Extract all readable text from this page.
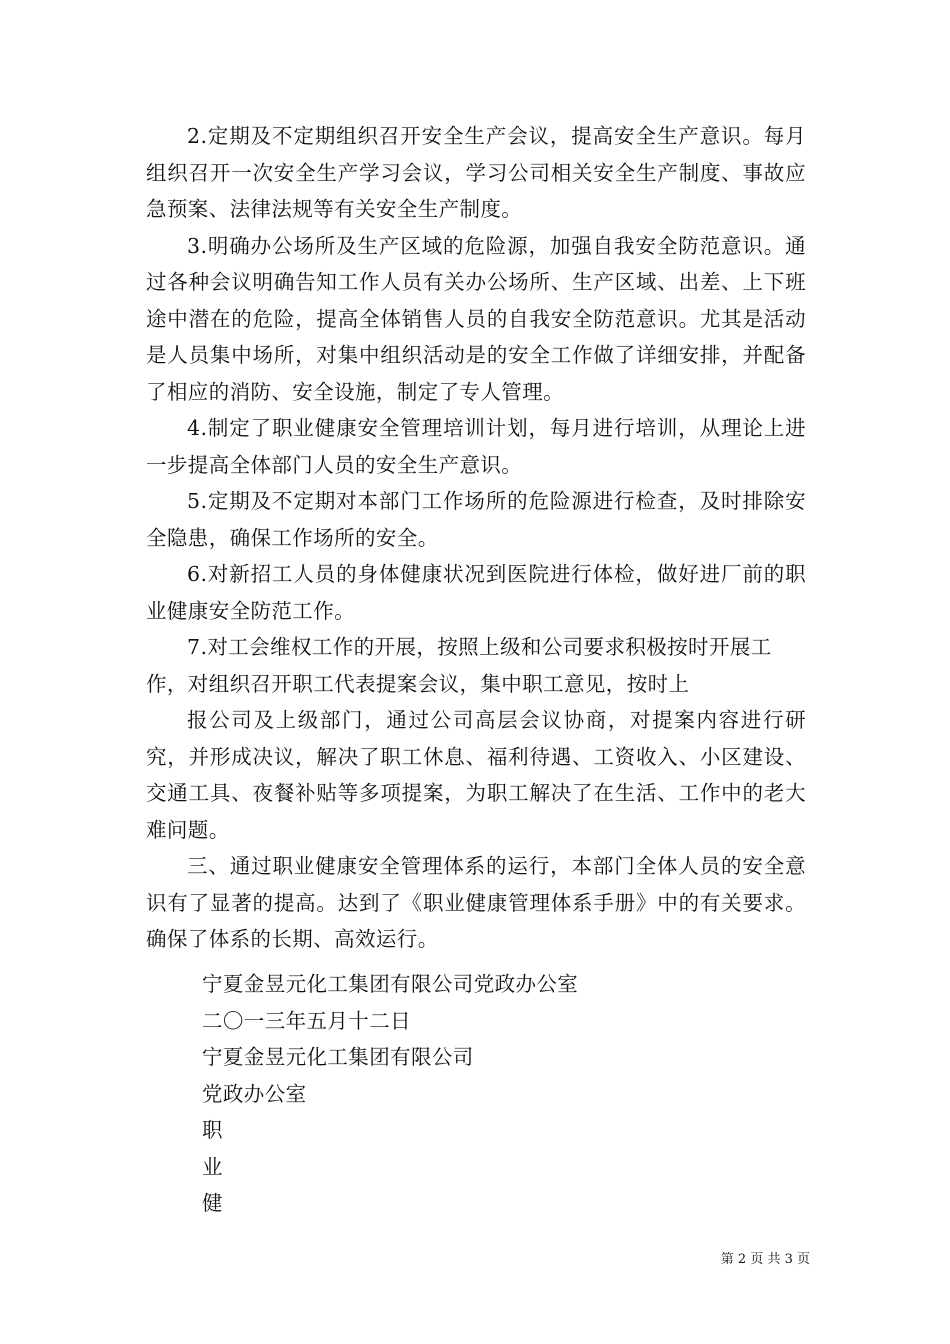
2.定期及不定期组织召开安全生产会议，提高安全生产意识。每月组织召开一次安全生产学习会议，学习公司相关安全生产制度、事故应急预案、法律法规等有关安全生产制度。

3.明确办公场所及生产区域的危险源，加强自我安全防范意识。通过各种会议明确告知工作人员有关办公场所、生产区域、出差、上下班途中潜在的危险，提高全体销售人员的自我安全防范意识。尤其是活动是人员集中场所，对集中组织活动是的安全工作做了详细安排，并配备了相应的消防、安全设施，制定了专人管理。

4.制定了职业健康安全管理培训计划，每月进行培训，从理论上进一步提高全体部门人员的安全生产意识。

5.定期及不定期对本部门工作场所的危险源进行检查，及时排除安全隐患，确保工作场所的安全。

6.对新招工人员的身体健康状况到医院进行体检，做好进厂前的职业健康安全防范工作。

7.对工会维权工作的开展，按照上级和公司要求积极按时开展工作，对组织召开职工代表提案会议，集中职工意见，按时上

报公司及上级部门，通过公司高层会议协商，对提案内容进行研究，并形成决议，解决了职工休息、福利待遇、工资收入、小区建设、交通工具、夜餐补贴等多项提案，为职工解决了在生活、工作中的老大难问题。

三、通过职业健康安全管理体系的运行，本部门全体人员的安全意识有了显著的提高。达到了《职业健康管理体系手册》中的有关要求。确保了体系的长期、高效运行。

宁夏金昱元化工集团有限公司党政办公室
二〇一三年五月十二日
宁夏金昱元化工集团有限公司
党政办公室
职
业
健
第 2 页 共 3 页
